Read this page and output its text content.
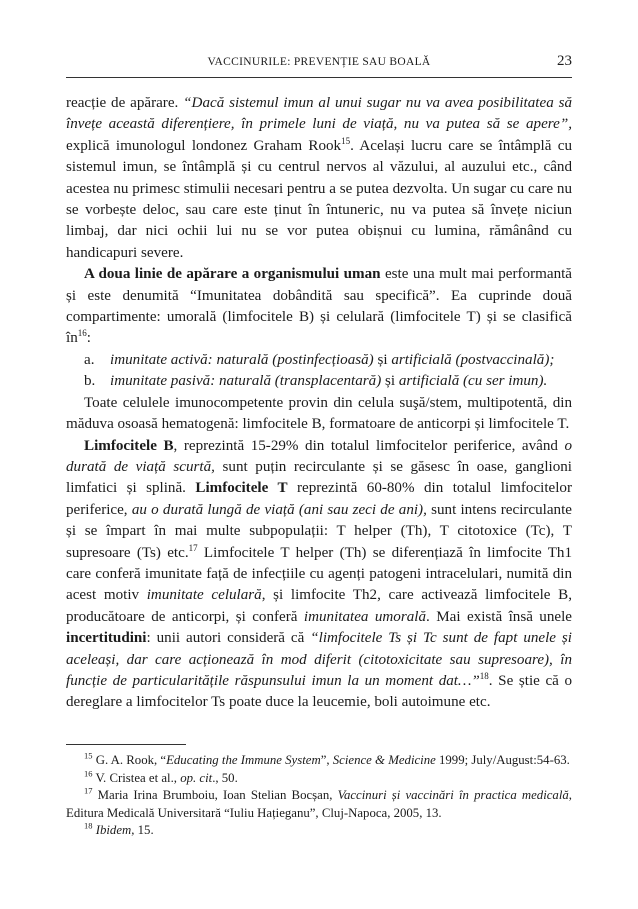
VACCINURILE: PREVENȚIE SAU BOALĂ	23

reacție de apărare. “Dacă sistemul imun al unui sugar nu va avea posibilitatea să învețe această diferențiere, în primele luni de viață, nu va putea să se apere”, explică imunologul londonez Graham Rook$^{15}$. Același lucru care se întâmplă cu sistemul imun, se întâmplă și cu centrul nervos al văzului, al auzului etc., când acestea nu primesc stimulii necesari pentru a se putea dezvolta. Un sugar cu care nu se vorbește deloc, sau care este ținut în întuneric, nu va putea să învețe niciun limbaj, dar nici ochii lui nu se vor putea obișnui cu lumina, rămânând cu handicapuri severe.

A doua linie de apărare a organismului uman este una mult mai performantă și este denumită “Imunitatea dobândită sau specifică”. Ea cuprinde două compartimente: umorală (limfocitele B) și celulară (limfocitele T) și se clasifică $în^{16}$:

a.	imunitate activă: naturală (postinfecțioasă) și artificială (postvaccinală);
b. imunitate pasivă: naturală (transplacentară) și artificială (cu ser imun).

Toate celulele imunocompetente provin din celula suşă/stem, multipotentă, din măduva osoasă hematogenă: limfocitele B, formatoare de anticorpi și limfocitele T.

Limfocitele B, reprezintă 15-29% din totalul limfocitelor periferice, având o durată de viață scurtă, sunt puțin recirculante și se găsesc în oase, ganglioni limfatici și splină. Limfocitele T reprezintă 60-80% din totalul limfocitelor periferice, au o durată lungă de viață (ani sau zeci de ani), sunt intens recirculante și se împart în mai multe subpopulații: T helper (Th), T citotoxice (Tc), T supresoare (Ts) etc.$^{17}$ Limfocitele T helper (Th) se diferențiază în limfocite Th1 care conferă imunitate față de infecțiile cu agenți patogeni intracelulari, numită din acest motiv imunitate celulară, și limfocite Th2, care activează limfocitele B, producătoare de anticorpi, și conferă imunitatea umorală. Mai există însă unele incertitudini: unii autori consideră că “limfocitele Ts și Tc sunt de fapt unele și aceleași, dar care acționează în mod diferit (citotoxicitate sau supresoare), în funcție de particularitățile răspunsului imun la un moment dat…”$^{18}$. Se știe că o dereglare a limfocitelor Ts poate duce la leucemie, boli autoimune etc.

$^{15}$ G. A. Rook, “Educating the Immune System”, Science & Medicine 1999; July/August:54-63.

$^{16}$ V. Cristea et al., op. cit., 50.

$^{17}$ Maria Irina Brumboiu, Ioan Stelian Bocșan, Vaccinuri și vaccinări în practica medicală, Editura Medicală Universitară “Iuliu Hațieganu”, Cluj-Napoca, 2005, 13.

$^{18}$ Ibidem, 15.
